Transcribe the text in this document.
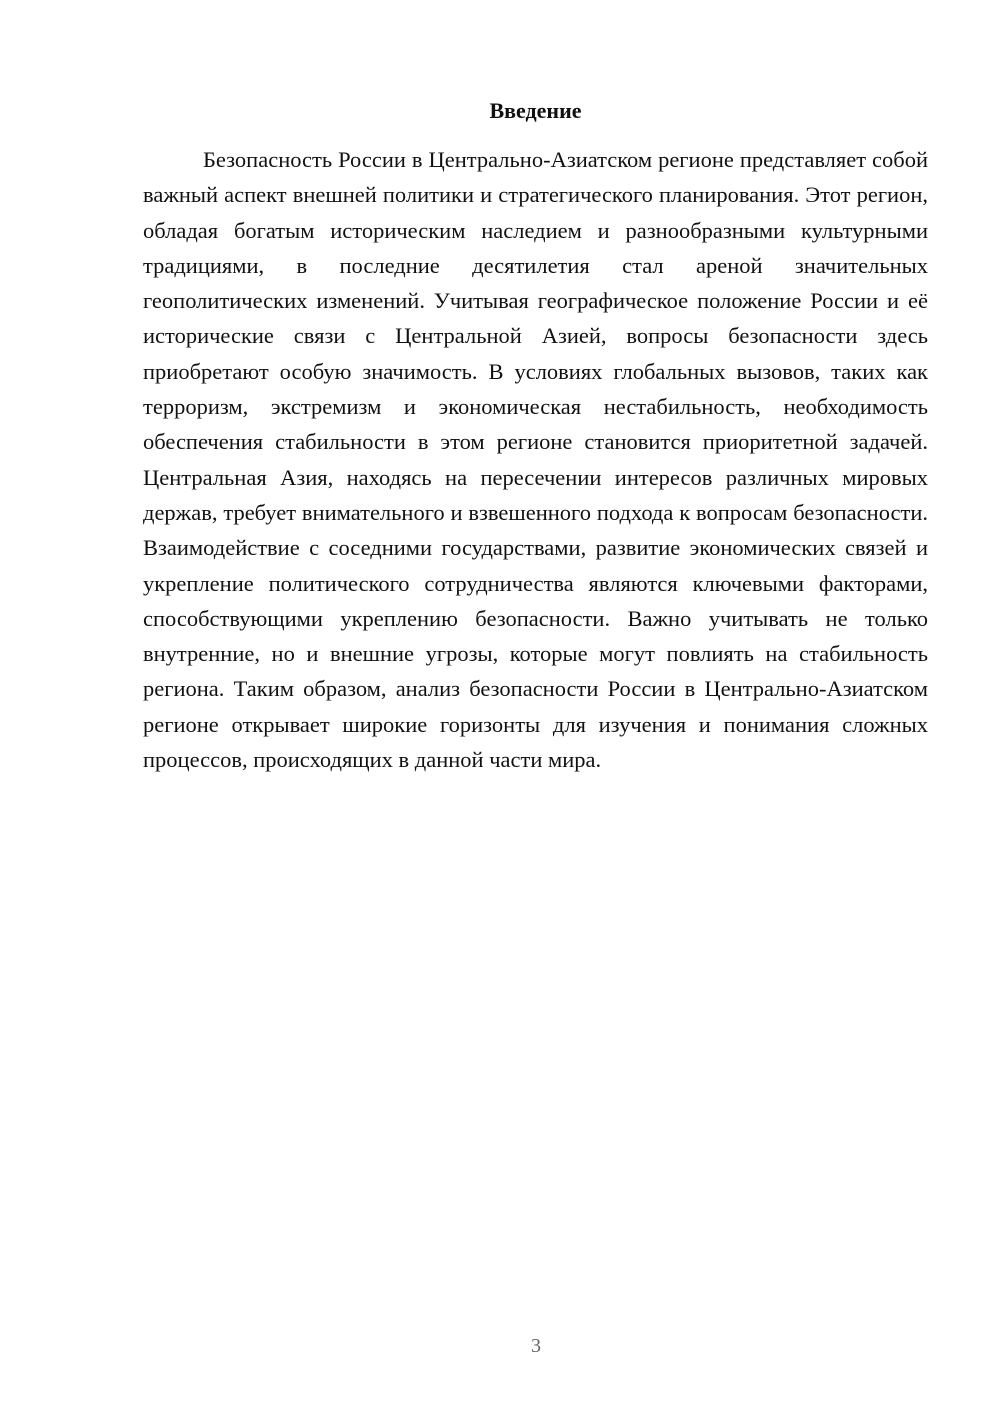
Введение

Безопасность России в Центрально-Азиатском регионе представляет собой важный аспект внешней политики и стратегического планирования. Этот регион, обладая богатым историческим наследием и разнообразными культурными традициями, в последние десятилетия стал ареной значительных геополитических изменений. Учитывая географическое положение России и её исторические связи с Центральной Азией, вопросы безопасности здесь приобретают особую значимость. В условиях глобальных вызовов, таких как терроризм, экстремизм и экономическая нестабильность, необходимость обеспечения стабильности в этом регионе становится приоритетной задачей. Центральная Азия, находясь на пересечении интересов различных мировых держав, требует внимательного и взвешенного подхода к вопросам безопасности. Взаимодействие с соседними государствами, развитие экономических связей и укрепление политического сотрудничества являются ключевыми факторами, способствующими укреплению безопасности. Важно учитывать не только внутренние, но и внешние угрозы, которые могут повлиять на стабильность региона. Таким образом, анализ безопасности России в Центрально-Азиатском регионе открывает широкие горизонты для изучения и понимания сложных процессов, происходящих в данной части мира.

3
